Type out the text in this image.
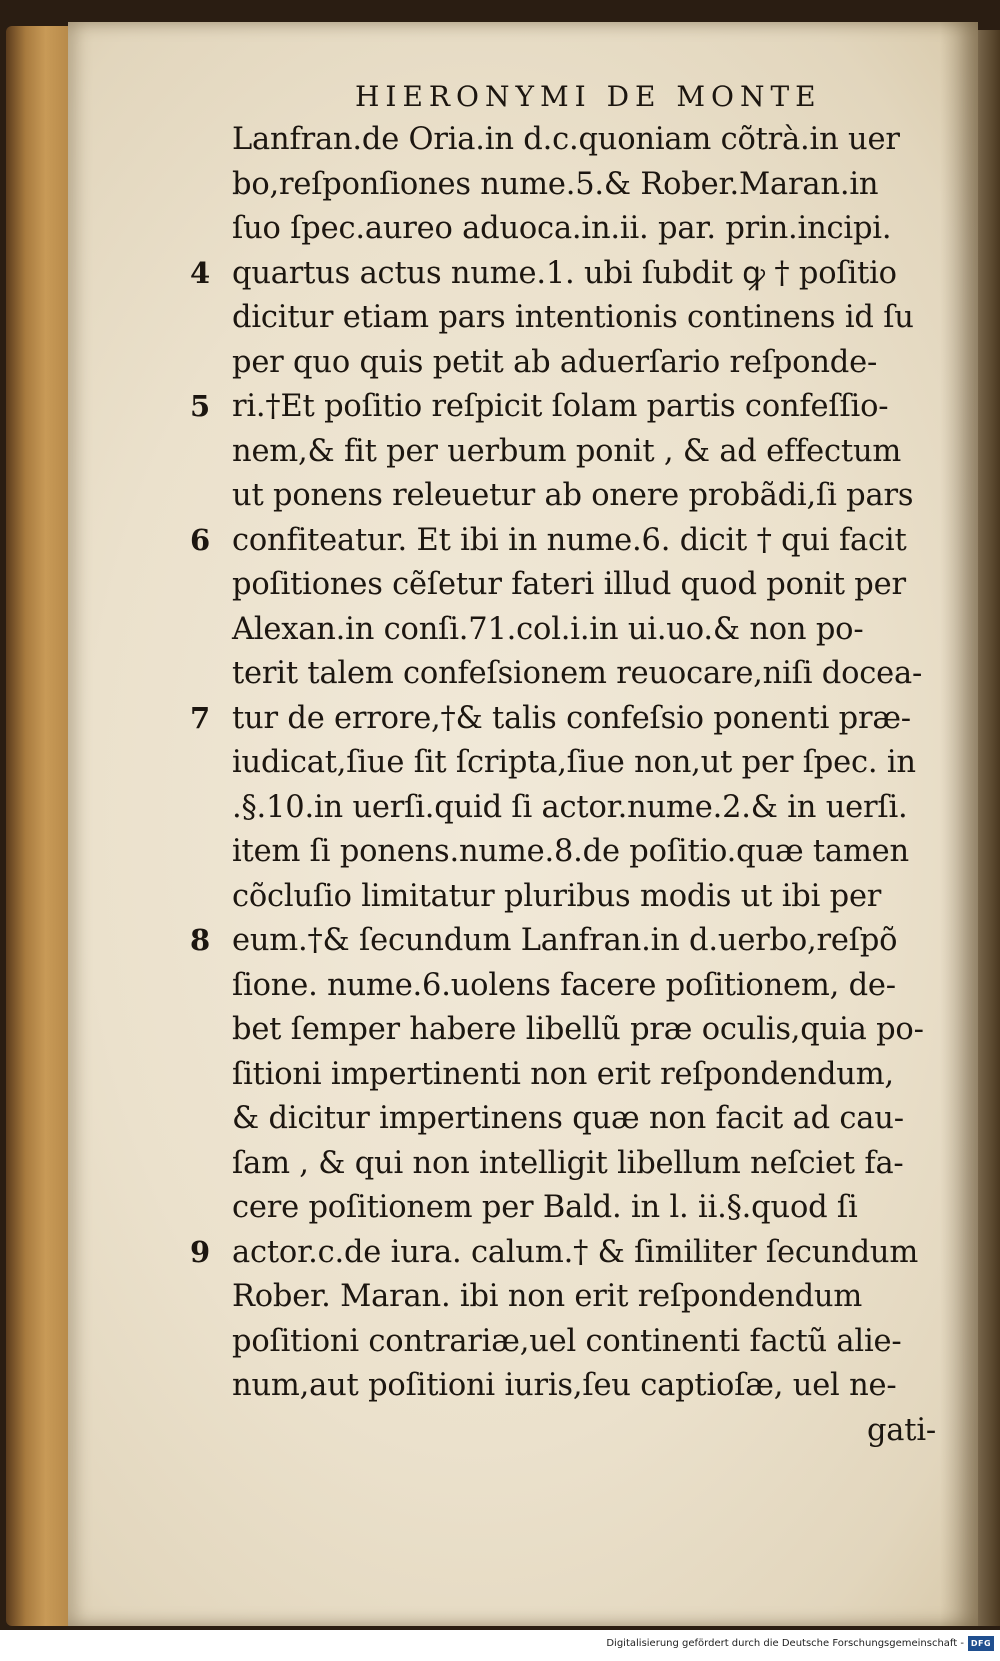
HIERONYMI DE MONTE
Lanfran.de Oria.in d.c.quoniam cõtrà.in uer
bo,reſponſiones nume.5.& Rober.Maran.in
ſuo ſpec.aureo aduoca.in.ii. par. prin.incipi.
quartus actus nume.1. ubi ſubdit ꝙ † poſitio
dicitur etiam pars intentionis continens id ſu
per quo quis petit ab aduerſario reſponde-
ri.†Et poſitio reſpicit ſolam partis confeſſio-
nem,& fit per uerbum ponit , & ad effectum
ut ponens releuetur ab onere probãdi,ſi pars
confiteatur. Et ibi in nume.6. dicit † qui facit
poſitiones cẽſetur fateri illud quod ponit per
Alexan.in conſi.71.col.i.in ui.uo.& non po-
terit talem confeſsionem reuocare,niſi docea-
tur de errore,†& talis confeſsio ponenti præ-
iudicat,ſiue ſit ſcripta,ſiue non,ut per ſpec. in
.§.10.in uerſi.quid ſi actor.nume.2.& in uerſi.
item ſi ponens.nume.8.de poſitio.quæ tamen
cõcluſio limitatur pluribus modis ut ibi per
eum.†& ſecundum Lanfran.in d.uerbo,reſpõ
ſione. nume.6.uolens facere poſitionem, de-
bet ſemper habere libellũ præ oculis,quia po-
ſitioni impertinenti non erit reſpondendum,
& dicitur impertinens quæ non facit ad cau-
ſam , & qui non intelligit libellum neſciet fa-
cere poſitionem per Bald. in l. ii.§.quod ſi
actor.c.de iura. calum.† & ſimiliter ſecundum
Rober. Maran. ibi non erit reſpondendum
poſitioni contrariæ,uel continenti factũ alie-
num,aut poſitioni iuris,ſeu captioſæ, uel ne-
gati-
4
5
6
7
8
9
Digitalisierung gefördert durch die Deutsche Forschungsgemeinschaft - DFG
